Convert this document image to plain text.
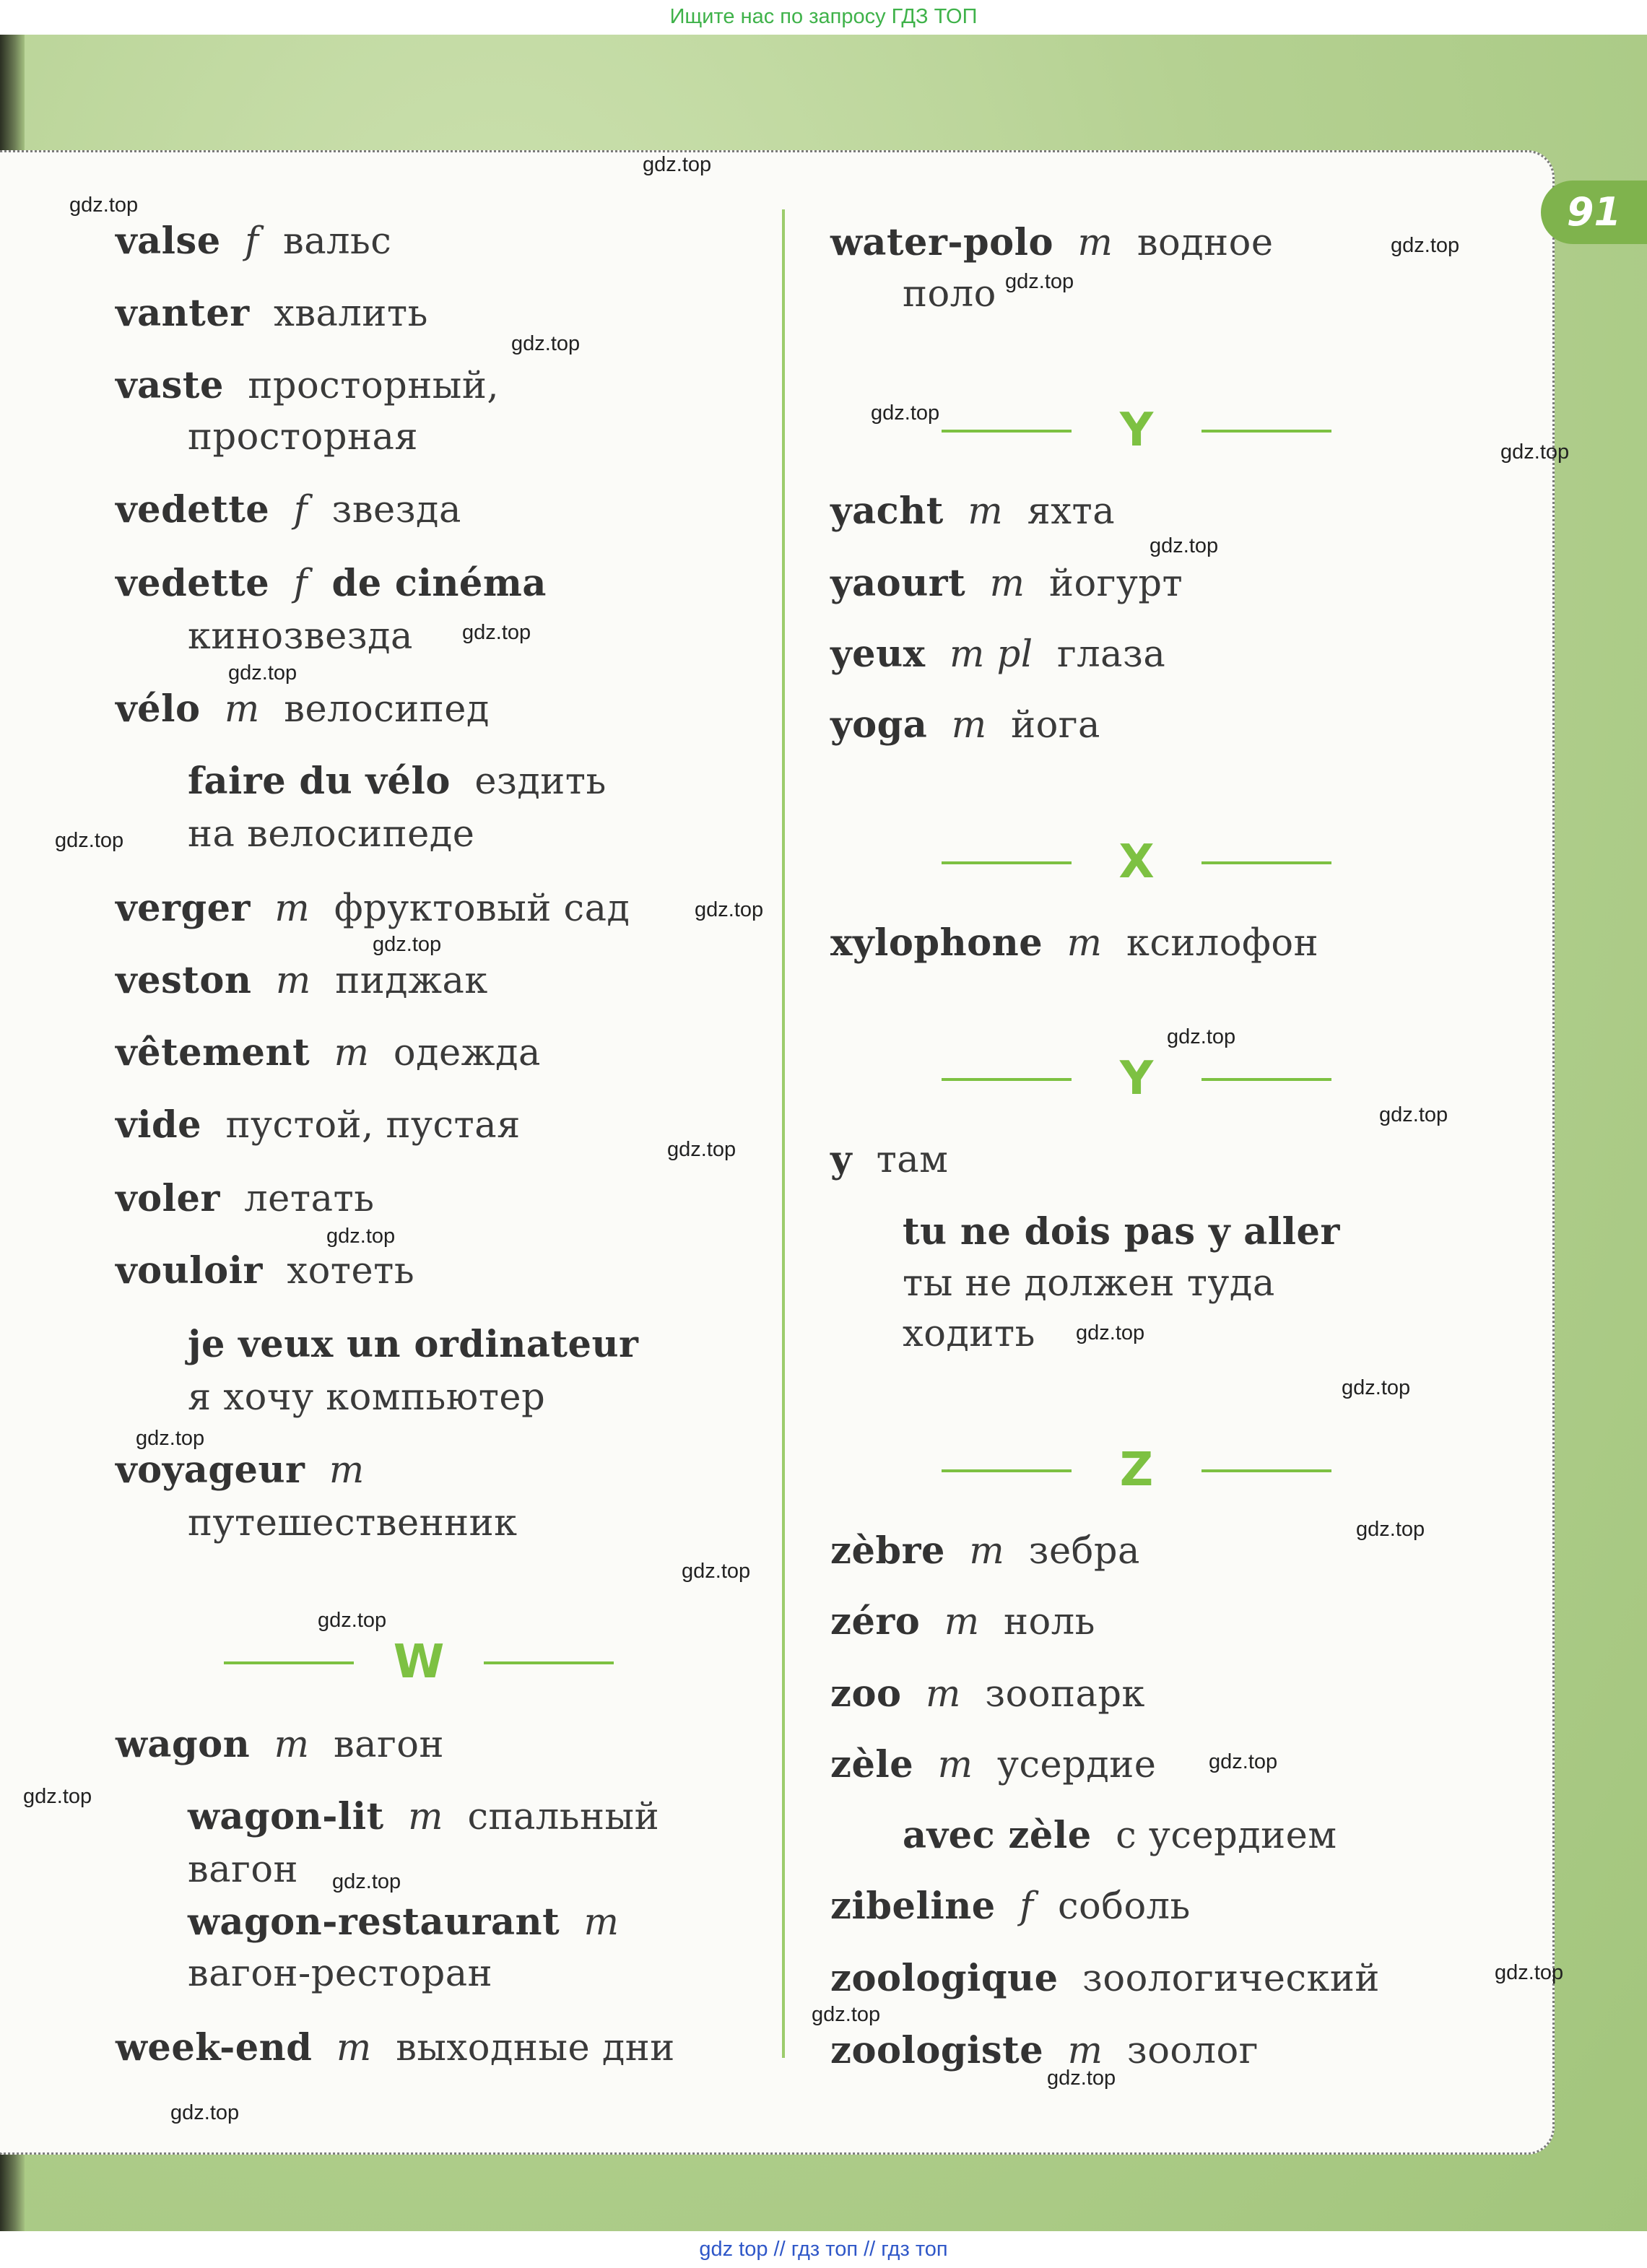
Ищите нас по запросу ГДЗ ТОП
91
valse f вальс
vanter хвалить
vaste просторный,
просторная
vedette f звезда
vedette f de cinéma
кинозвезда
vélo m велосипед
faire du vélo ездить
на велосипеде
verger m фруктовый сад
veston m пиджак
vêtement m одежда
vide пустой, пустая
voler летать
vouloir хотеть
je veux un ordinateur
я хочу компьютер
voyageur m
путешественник
W
wagon m вагон
wagon-lit m спальный
вагон
wagon-restaurant m
вагон-ресторан
week-end m выходные дни
water-polo m водное
поло
Y
yacht m яхта
yaourt m йогурт
yeux m pl глаза
yoga m йога
X
xylophone m ксилофон
Y
y там
tu ne dois pas y aller
ты не должен туда
ходить
Z
zèbre m зебра
zéro m ноль
zoo m зоопарк
zèle m усердие
avec zèle с усердием
zibeline f соболь
zoologique зоологический
zoologiste m зоолог
gdz.top
gdz.top
gdz.top
gdz.top
gdz.top
gdz.top
gdz.top
gdz.top
gdz.top
gdz.top
gdz.top
gdz.top
gdz.top
gdz.top
gdz.top
gdz.top
gdz.top
gdz.top
gdz.top
gdz.top
gdz.top
gdz.top
gdz.top
gdz.top
gdz.top
gdz.top
gdz.top
gdz.top
gdz.top
gdz.top
gdz top // гдз топ // гдз топ
